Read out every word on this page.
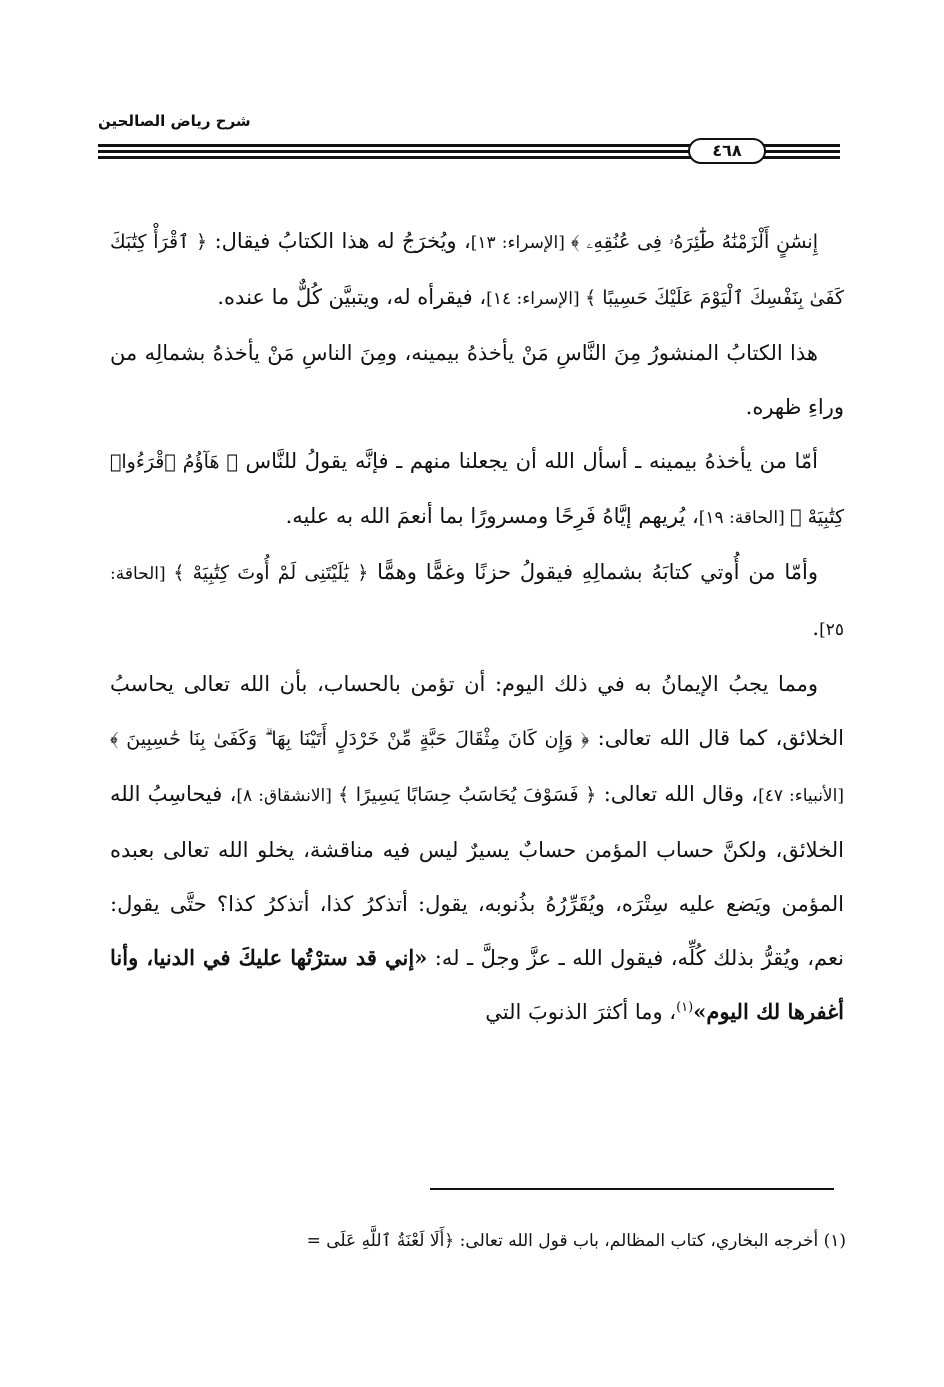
شرح رياض الصالحين
٤٦٨

إِنسَٰنٍ أَلْزَمْنَٰهُ طَٰٓئِرَهُۥ فِى عُنُقِهِۦ ﴾ [الإسراء: ١٣]، ويُخرَجُ له هذا الكتابُ فيقال: ﴿ ٱقْرَأْ كِتَٰبَكَ كَفَىٰ بِنَفْسِكَ ٱلْيَوْمَ عَلَيْكَ حَسِيبًا ﴾ [الإسراء: ١٤]، فيقرأه له، ويتبيَّن كُلٌّ ما عنده.

هذا الكتابُ المنشورُ مِنَ النَّاسِ مَنْ يأخذهُ بيمينه، ومِنَ الناسِ مَنْ يأخذهُ بشمالِه من وراءِ ظهره.

أمّا من يأخذهُ بيمينه ـ أسأل الله أن يجعلنا منهم ـ فإنَّه يقولُ للنَّاس ﴿ هَآؤُمُ ٱقْرَءُوا۟ كِتَٰبِيَهْ ﴾ [الحاقة: ١٩]، يُريهم إيَّاهُ فَرِحًا ومسرورًا بما أنعمَ الله به عليه.

وأمّا من أُوتي كتابَهُ بشمالِهِ فيقولُ حزنًا وغمًّا وهمًّا ﴿ يَٰلَيْتَنِى لَمْ أُوتَ كِتَٰبِيَهْ ﴾ [الحاقة: ٢٥].

ومما يجبُ الإيمانُ به في ذلك اليوم: أن تؤمن بالحساب، بأن الله تعالى يحاسبُ الخلائق، كما قال الله تعالى: ﴿ وَإِن كَانَ مِثْقَالَ حَبَّةٍ مِّنْ خَرْدَلٍ أَتَيْنَا بِهَا ۗ وَكَفَىٰ بِنَا حَٰسِبِينَ ﴾ [الأنبياء: ٤٧]، وقال الله تعالى: ﴿ فَسَوْفَ يُحَاسَبُ حِسَابًا يَسِيرًا ﴾ [الانشقاق: ٨]، فيحاسِبُ الله الخلائق، ولكنَّ حساب المؤمن حسابٌ يسيرٌ ليس فيه مناقشة، يخلو الله تعالى بعبده المؤمن ويَضع عليه سِتْرَه، ويُقَرِّرُهُ بذُنوبه، يقول: أتذكرُ كذا، أتذكرُ كذا؟ حتَّى يقول: نعم، ويُقرُّ بذلك كُلِّه، فيقول الله ـ عزَّ وجلَّ ـ له: «إني قد سترْتُها عليكَ في الدنيا، وأنا أغفرها لك اليوم»$^{(١)}$، وما أكثرَ الذنوبَ التي

(١) أخرجه البخاري، كتاب المظالم، باب قول الله تعالى: ﴿أَلَا لَعْنَةُ ٱللَّهِ عَلَى =
